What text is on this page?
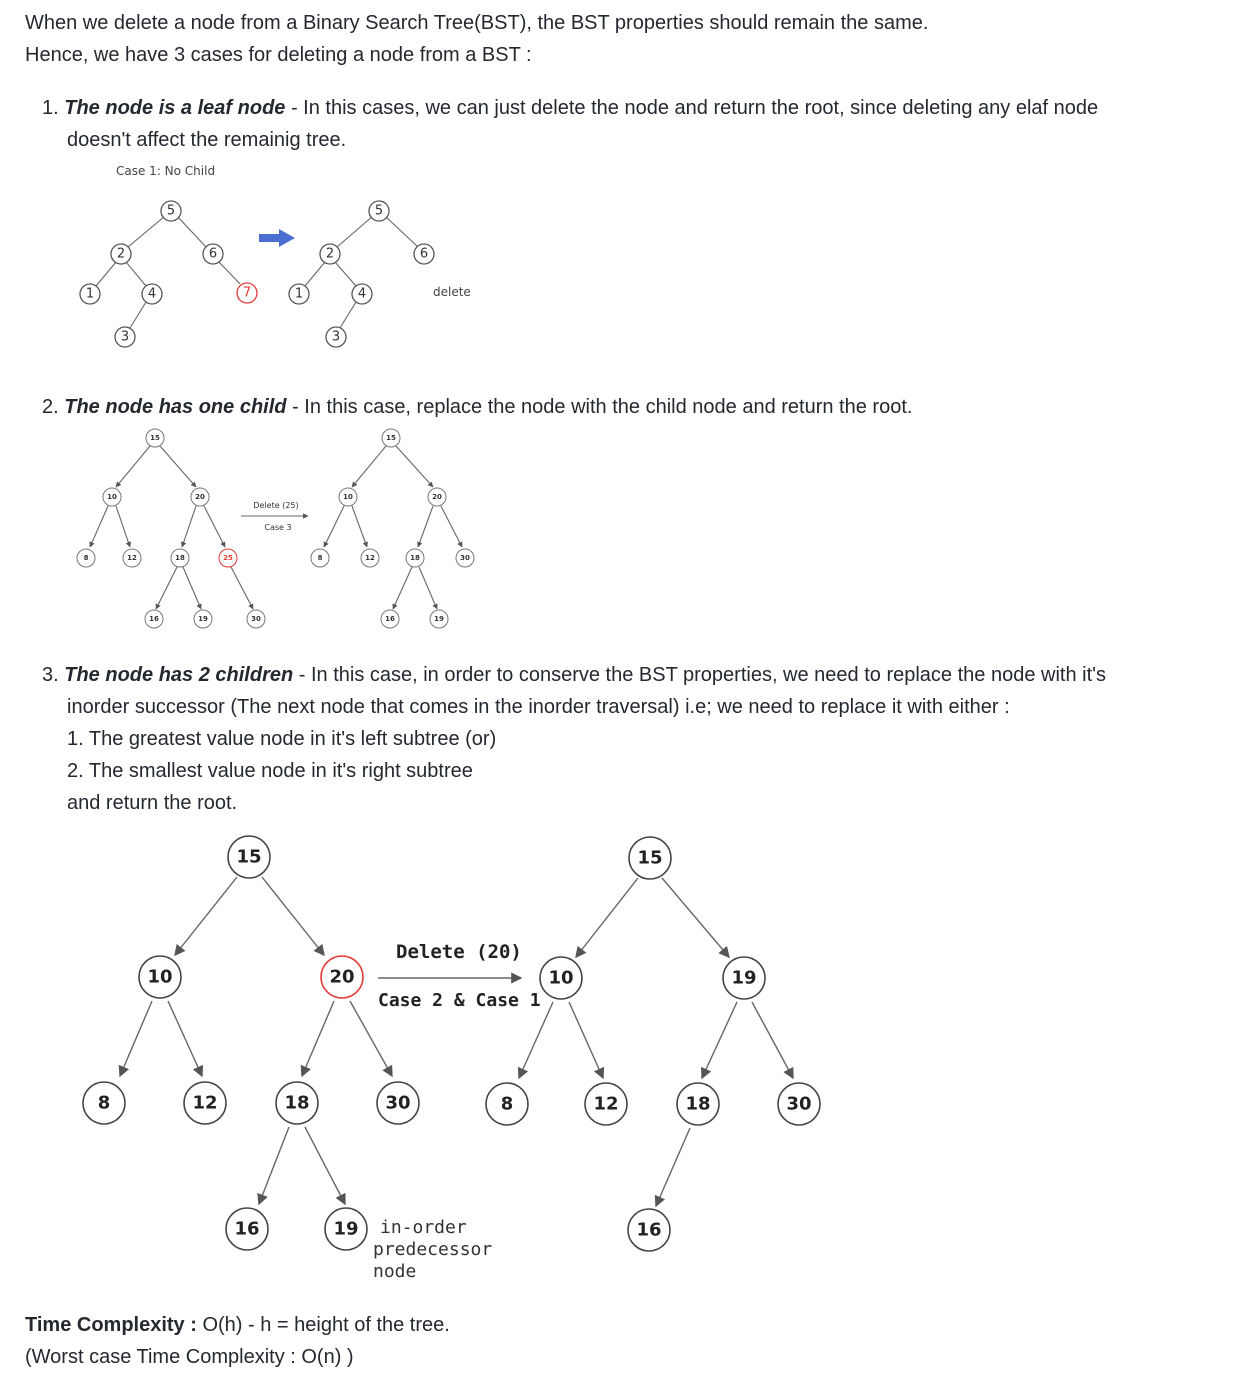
When we delete a node from a Binary Search Tree(BST), the BST properties should remain the same.

Hence, we have 3 cases for deleting a node from a BST :

1. The node is a leaf node - In this cases, we can just delete the node and return the root, since deleting any elaf node

doesn't affect the remainig tree.

2. The node has one child - In this case, replace the node with the child node and return the root.

3. The node has 2 children - In this case, in order to conserve the BST properties, we need to replace the node with it's

inorder successor (The next node that comes in the inorder traversal) i.e; we need to replace it with either :

1. The greatest value node in it's left subtree (or)

2. The smallest value node in it's right subtree

and return the root.

Time Complexity : O(h) - h = height of the tree.

(Worst case Time Complexity : O(n) )

Case 1: No Child
5
2	6
1	4	7
3
5
2	6
1	4
3
delete
15
10	20
8	12	18	25
16	19	30
Delete (25)
Case 3
15
10	20
8	12	18	30
16	19
15
10	20
8	12	18	30
16	19 in-order
predecessor
node
Delete (20)
Case 2 & Case 1
15
10	19
8	12	18	30
16
